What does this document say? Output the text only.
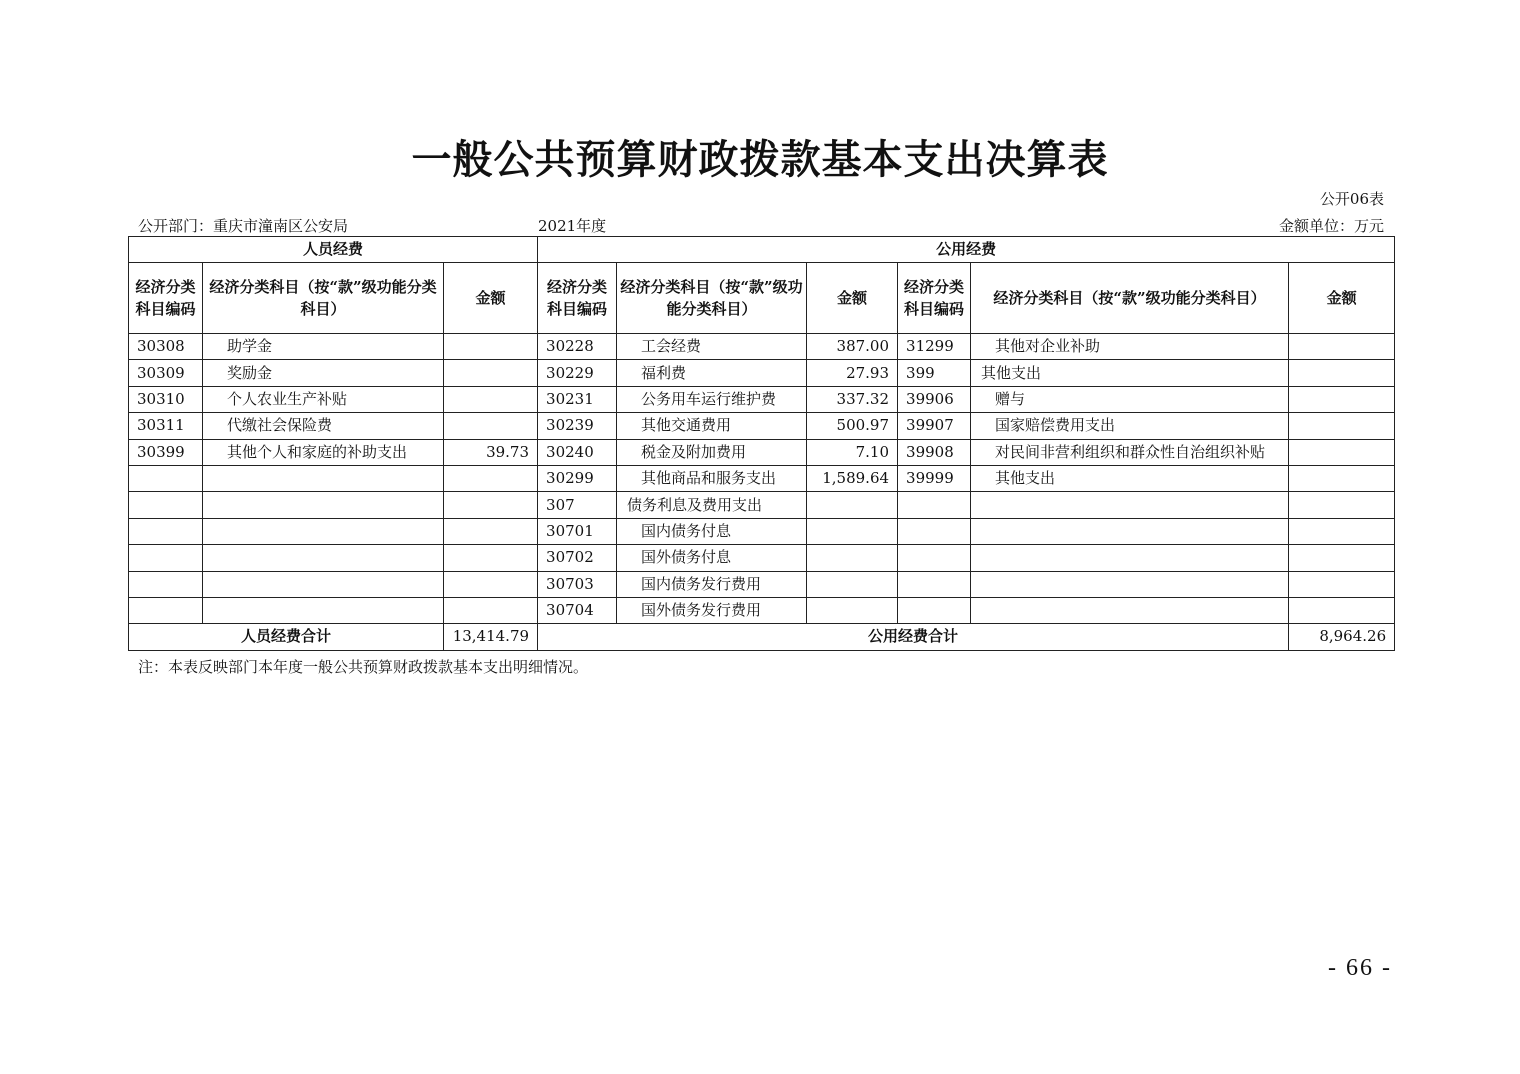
一般公共预算财政拨款基本支出决算表
公开06表
公开部门：重庆市潼南区公安局	2021年度	金额单位：万元
人员经费			公用经费					
经济分类科目编码	经济分类科目（按“款”级功能分类科目）	金额	经济分类科目编码	经济分类科目（按“款”级功能分类科目）	金额	经济分类科目编码	经济分类科目（按“款”级功能分类科目）	金额
30308	助学金		30228	工会经费	387.00	31299	其他对企业补助	
30309	奖励金		30229	福利费	27.93	399	其他支出	
30310	个人农业生产补贴		30231	公务用车运行维护费	337.32	39906	赠与	
30311	代缴社会保险费		30239	其他交通费用	500.97	39907	国家赔偿费用支出	
30399	其他个人和家庭的补助支出	39.73	30240	税金及附加费用	7.10	39908	对民间非营利组织和群众性自治组织补贴	
			30299	其他商品和服务支出	1,589.64	39999	其他支出	
			307	债务利息及费用支出				
			30701	国内债务付息				
			30702	国外债务付息				
			30703	国内债务发行费用				
			30704	国外债务发行费用				
人员经费合计		13,414.79	公用经费合计					8,964.26
注：本表反映部门本年度一般公共预算财政拨款基本支出明细情况。
- 66 -
